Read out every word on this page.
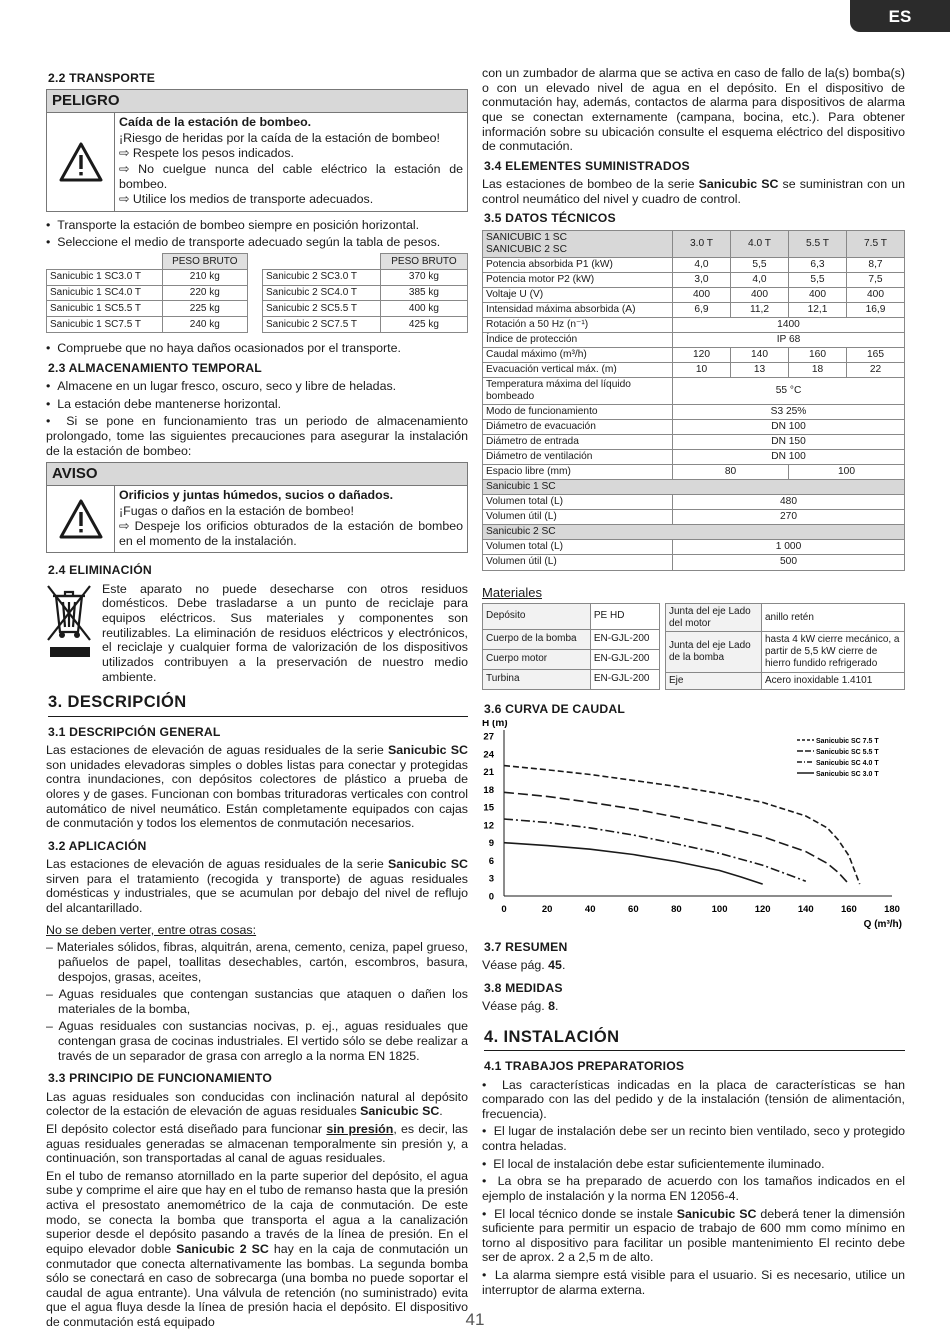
ES
2.2 TRANSPORTE
PELIGRO

Caída de la estación de bombeo.

¡Riesgo de heridas por la caída de la estación de bombeo!

⇨ Respete los pesos indicados.

⇨ No cuelgue nunca del cable eléctrico la estación de bombeo.

⇨ Utilice los medios de transporte adecuados.

•  Transporte la estación de bombeo siempre en posición horizontal.

•  Seleccione el medio de transporte adecuado según la tabla de pesos.

	PESO BRUTO
Sanicubic 1 SC3.0 T	210 kg
Sanicubic 1 SC4.0 T	220 kg
Sanicubic 1 SC5.5 T	225 kg
Sanicubic 1 SC7.5 T	240 kg
	PESO BRUTO
Sanicubic 2 SC3.0 T	370 kg
Sanicubic 2 SC4.0 T	385 kg
Sanicubic 2 SC5.5 T	400 kg
Sanicubic 2 SC7.5 T	425 kg

•  Compruebe que no haya daños ocasionados por el transporte.

2.3 ALMACENAMIENTO TEMPORAL

•  Almacene en un lugar fresco, oscuro, seco y libre de heladas.

•  La estación debe mantenerse horizontal.

•  Si se pone en funcionamiento tras un periodo de almacenamiento prolongado, tome las siguientes precauciones para asegurar la instalación de la estación de bombeo:

AVISO

Orificios y juntas húmedos, sucios o dañados.

¡Fugas o daños en la estación de bombeo!

⇨ Despeje los orificios obturados de la estación de bombeo en el momento de la instalación.

2.4 ELIMINACIÓN

Este aparato no puede desecharse con otros residuos domésticos. Debe trasladarse a un punto de reciclaje para equipos eléctricos. Sus materiales y componentes son reutilizables. La eliminación de residuos eléctricos y electrónicos, el reciclaje y cualquier forma de valorización de los dispositivos utilizados contribuyen a la preservación de nuestro medio ambiente.

3. DESCRIPCIÓN
3.1 DESCRIPCIÓN GENERAL

Las estaciones de elevación de aguas residuales de la serie Sanicubic SC son unidades elevadoras simples o dobles listas para conectar y protegidas contra inundaciones, con depósitos colectores de plástico a prueba de olores y de gases. Funcionan con bombas trituradoras verticales con control automático de nivel neumático. Están completamente equipados con cajas de conmutación y todos los elementos de conmutación necesarios.

3.2 APLICACIÓN

Las estaciones de elevación de aguas residuales de la serie Sanicubic SC sirven para el tratamiento (recogida y transporte) de aguas residuales domésticas y industriales, que se acumulan por debajo del nivel de reflujo del alcantarillado.

No se deben verter, entre otras cosas:

– Materiales sólidos, fibras, alquitrán, arena, cemento, ceniza, papel grueso, pañuelos de papel, toallitas desechables, cartón, escombros, basura, despojos, grasas, aceites,

– Aguas residuales que contengan sustancias que ataquen o dañen los materiales de la bomba,

– Aguas residuales con sustancias nocivas, p. ej., aguas residuales que contengan grasa de cocinas industriales. El vertido sólo se debe realizar a través de un separador de grasa con arreglo a la norma EN 1825.

3.3 PRINCIPIO DE FUNCIONAMIENTO

Las aguas residuales son conducidas con inclinación natural al depósito colector de la estación de elevación de aguas residuales Sanicubic SC.

El depósito colector está diseñado para funcionar sin presión, es decir, las aguas residuales generadas se almacenan temporalmente sin presión y, a continuación, son transportadas al canal de aguas residuales.

En el tubo de remanso atornillado en la parte superior del depósito, el agua sube y comprime el aire que hay en el tubo de remanso hasta que la presión activa el presostato anemométrico de la caja de conmutación. De este modo, se conecta la bomba que transporta el agua a la canalización superior desde el depósito pasando a través de la línea de presión. En el equipo elevador doble Sanicubic 2 SC hay en la caja de conmutación un conmutador que conecta alternativamente las bombas. La segunda bomba sólo se conectará en caso de sobrecarga (una bomba no puede soportar el caudal de agua entrante). Una válvula de retención (no suministrado) evita que el agua fluya desde la línea de presión hacia el depósito. El dispositivo de conmutación está equipado

con un zumbador de alarma que se activa en caso de fallo de la(s) bomba(s) o con un elevado nivel de agua en el depósito. En el dispositivo de conmutación hay, además, contactos de alarma para dispositivos de alarma que se conectan externamente (campana, bocina, etc.). Para obtener información sobre su ubicación consulte el esquema eléctrico del dispositivo de conmutación.

3.4 ELEMENTES SUMINISTRADOS

Las estaciones de bombeo de la serie Sanicubic SC se suministran con un control neumático del nivel y cuadro de control.

3.5 DATOS TÉCNICOS
SANICUBIC 1 SC
SANICUBIC 2 SC	3.0 T	4.0 T	5.5 T	7.5 T
Potencia absorbida P1 (kW)	4,0	5,5	6,3	8,7
Potencia motor P2 (kW)	3,0	4,0	5,5	7,5
Voltaje U (V)	400	400	400	400
Intensidad máxima absorbida (A)	6,9	11,2	12,1	16,9
Rotación a 50 Hz (n⁻¹)	1400			
Índice de protección	IP 68			
Caudal máximo (m³/h)	120	140	160	165
Evacuación vertical máx. (m)	10	13	18	22
Temperatura máxima del líquido bombeado	55 °C			
Modo de funcionamiento	S3 25%			
Diámetro de evacuación	DN 100			
Diámetro de entrada	DN 150			
Diámetro de ventilación	DN 100			
Espacio libre (mm)	80		100	
Sanicubic 1 SC				
Volumen total (L)	480			
Volumen útil (L)	270			
Sanicubic 2 SC				
Volumen total (L)	1 000			
Volumen útil (L)	500			

Materiales

Depósito	PE HD
Cuerpo de la bomba	EN-GJL-200
Cuerpo motor	EN-GJL-200
Turbina	EN-GJL-200
Junta del eje Lado del motor	anillo retén
Junta del eje Lado de la bomba	hasta 4 kW cierre mecánico, a partir de 5,5 kW cierre de hierro fundido refrigerado
Eje	Acero inoxidable 1.4101
3.6 CURVA DE CAUDAL
H (m)
0
3
6
9
12
15
18
21
24
27
0	20	40	60	80	100	120	140	160	180
Q (m³/h)
Sanicubic SC 7.5 T
Sanicubic SC 5.5 T
Sanicubic SC 4.0 T
Sanicubic SC 3.0 T
3.7 RESUMEN

Véase pág. 45.

3.8 MEDIDAS

Véase pág. 8.

4. INSTALACIÓN
4.1 TRABAJOS PREPARATORIOS

•  Las características indicadas en la placa de características se han comparado con las del pedido y de la instalación (tensión de alimentación, frecuencia).

•  El lugar de instalación debe ser un recinto bien ventilado, seco y protegido contra heladas.

•  El local de instalación debe estar suficientemente iluminado.

•  La obra se ha preparado de acuerdo con los tamaños indicados en el ejemplo de instalación y la norma EN 12056-4.

•  El local técnico donde se instale Sanicubic SC deberá tener la dimensión suficiente para permitir un espacio de trabajo de 600 mm como mínimo en torno al dispositivo para facilitar un posible mantenimiento El recinto debe ser de aprox. 2 a 2,5 m de alto.

•  La alarma siempre está visible para el usuario. Si es necesario, utilice un interruptor de alarma externa.

41
